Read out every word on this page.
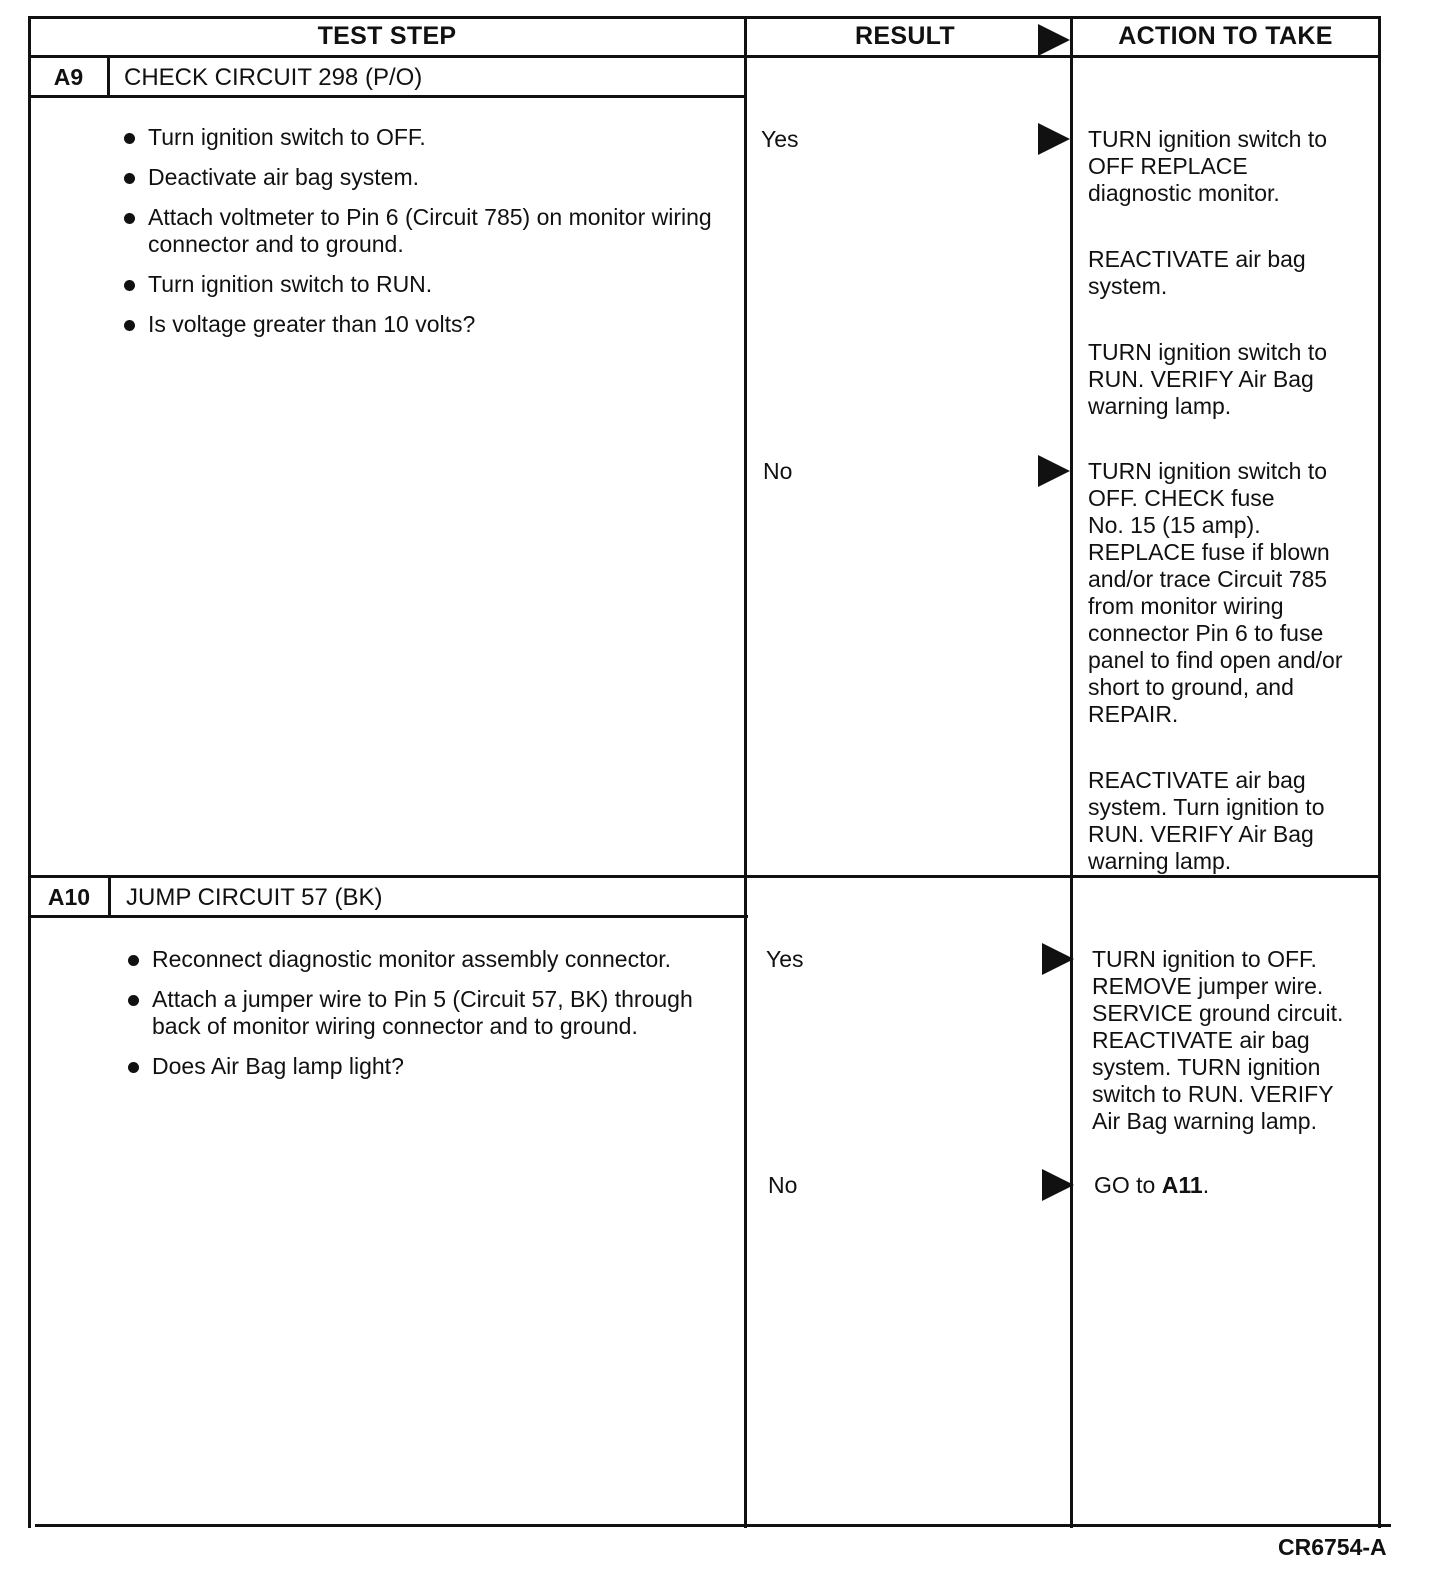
TEST STEP	RESULT	ACTION TO TAKE
A9	CHECK CIRCUIT 298 (P/O)
Turn ignition switch to OFF.
Deactivate air bag system.
Attach voltmeter to Pin 6 (Circuit 785) on monitor wiring connector and to ground.
Turn ignition switch to RUN.
Is voltage greater than 10 volts?
Yes	TURN ignition switch to
OFF REPLACE
diagnostic monitor.

REACTIVATE air bag
system.

TURN ignition switch to
RUN. VERIFY Air Bag
warning lamp.

No	TURN ignition switch to
OFF. CHECK fuse
No. 15 (15 amp).
REPLACE fuse if blown
and/or trace Circuit 785
from monitor wiring
connector Pin 6 to fuse
panel to find open and/or
short to ground, and
REPAIR.

REACTIVATE air bag
system. Turn ignition to
RUN. VERIFY Air Bag
warning lamp.

A10	JUMP CIRCUIT 57 (BK)
Reconnect diagnostic monitor assembly connector.
Attach a jumper wire to Pin 5 (Circuit 57, BK) through back of monitor wiring connector and to ground.
Does Air Bag lamp light?
Yes	TURN ignition to OFF.
REMOVE jumper wire.
SERVICE ground circuit.
REACTIVATE air bag
system. TURN ignition
switch to RUN. VERIFY
Air Bag warning lamp.

No	GO to A11.
CR6754-A
